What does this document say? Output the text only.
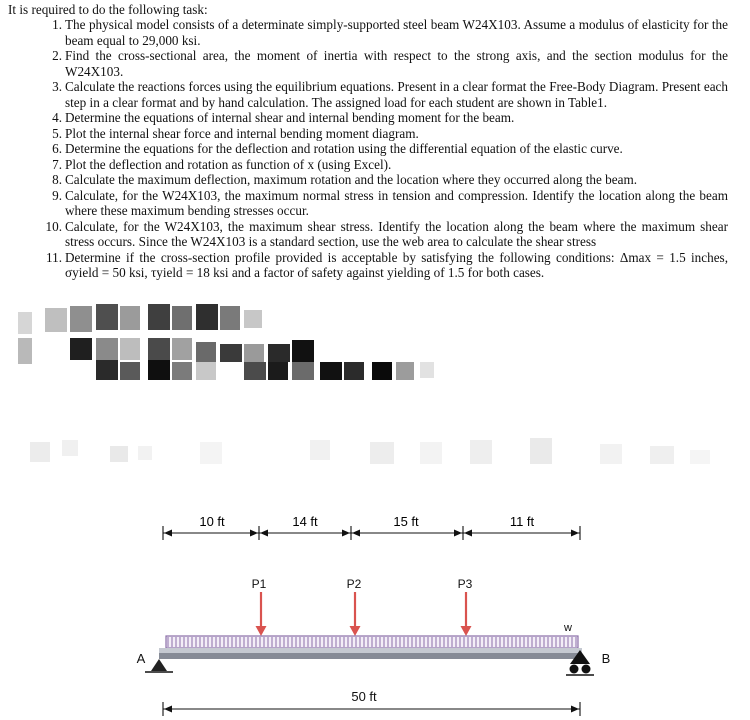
It is required to do the following task:
1. The physical model consists of a determinate simply-supported steel beam W24X103. Assume a modulus of elasticity for the beam equal to 29,000 ksi.
2. Find the cross-sectional area, the moment of inertia with respect to the strong axis, and the section modulus for the W24X103.
3. Calculate the reactions forces using the equilibrium equations. Present in a clear format the Free-Body Diagram. Present each step in a clear format and by hand calculation. The assigned load for each student are shown in Table1.
4. Determine the equations of internal shear and internal bending moment for the beam.
5. Plot the internal shear force and internal bending moment diagram.
6. Determine the equations for the deflection and rotation using the differential equation of the elastic curve.
7. Plot the deflection and rotation as function of x (using Excel).
8. Calculate the maximum deflection, maximum rotation and the location where they occurred along the beam.
9. Calculate, for the W24X103, the maximum normal stress in tension and compression. Identify the location along the beam where these maximum bending stresses occur.
10. Calculate, for the W24X103, the maximum shear stress. Identify the location along the beam where the maximum shear stress occurs. Since the W24X103 is a standard section, use the web area to calculate the shear stress
11. Determine if the cross-section profile provided is acceptable by satisfying the following conditions: Δmax = 1.5 inches, σyield = 50 ksi, τyield = 18 ksi and a factor of safety against yielding of 1.5 for both cases.
10 ft	14 ft	15 ft	11 ft
P1	P2	P3
w
A	B
50 ft
